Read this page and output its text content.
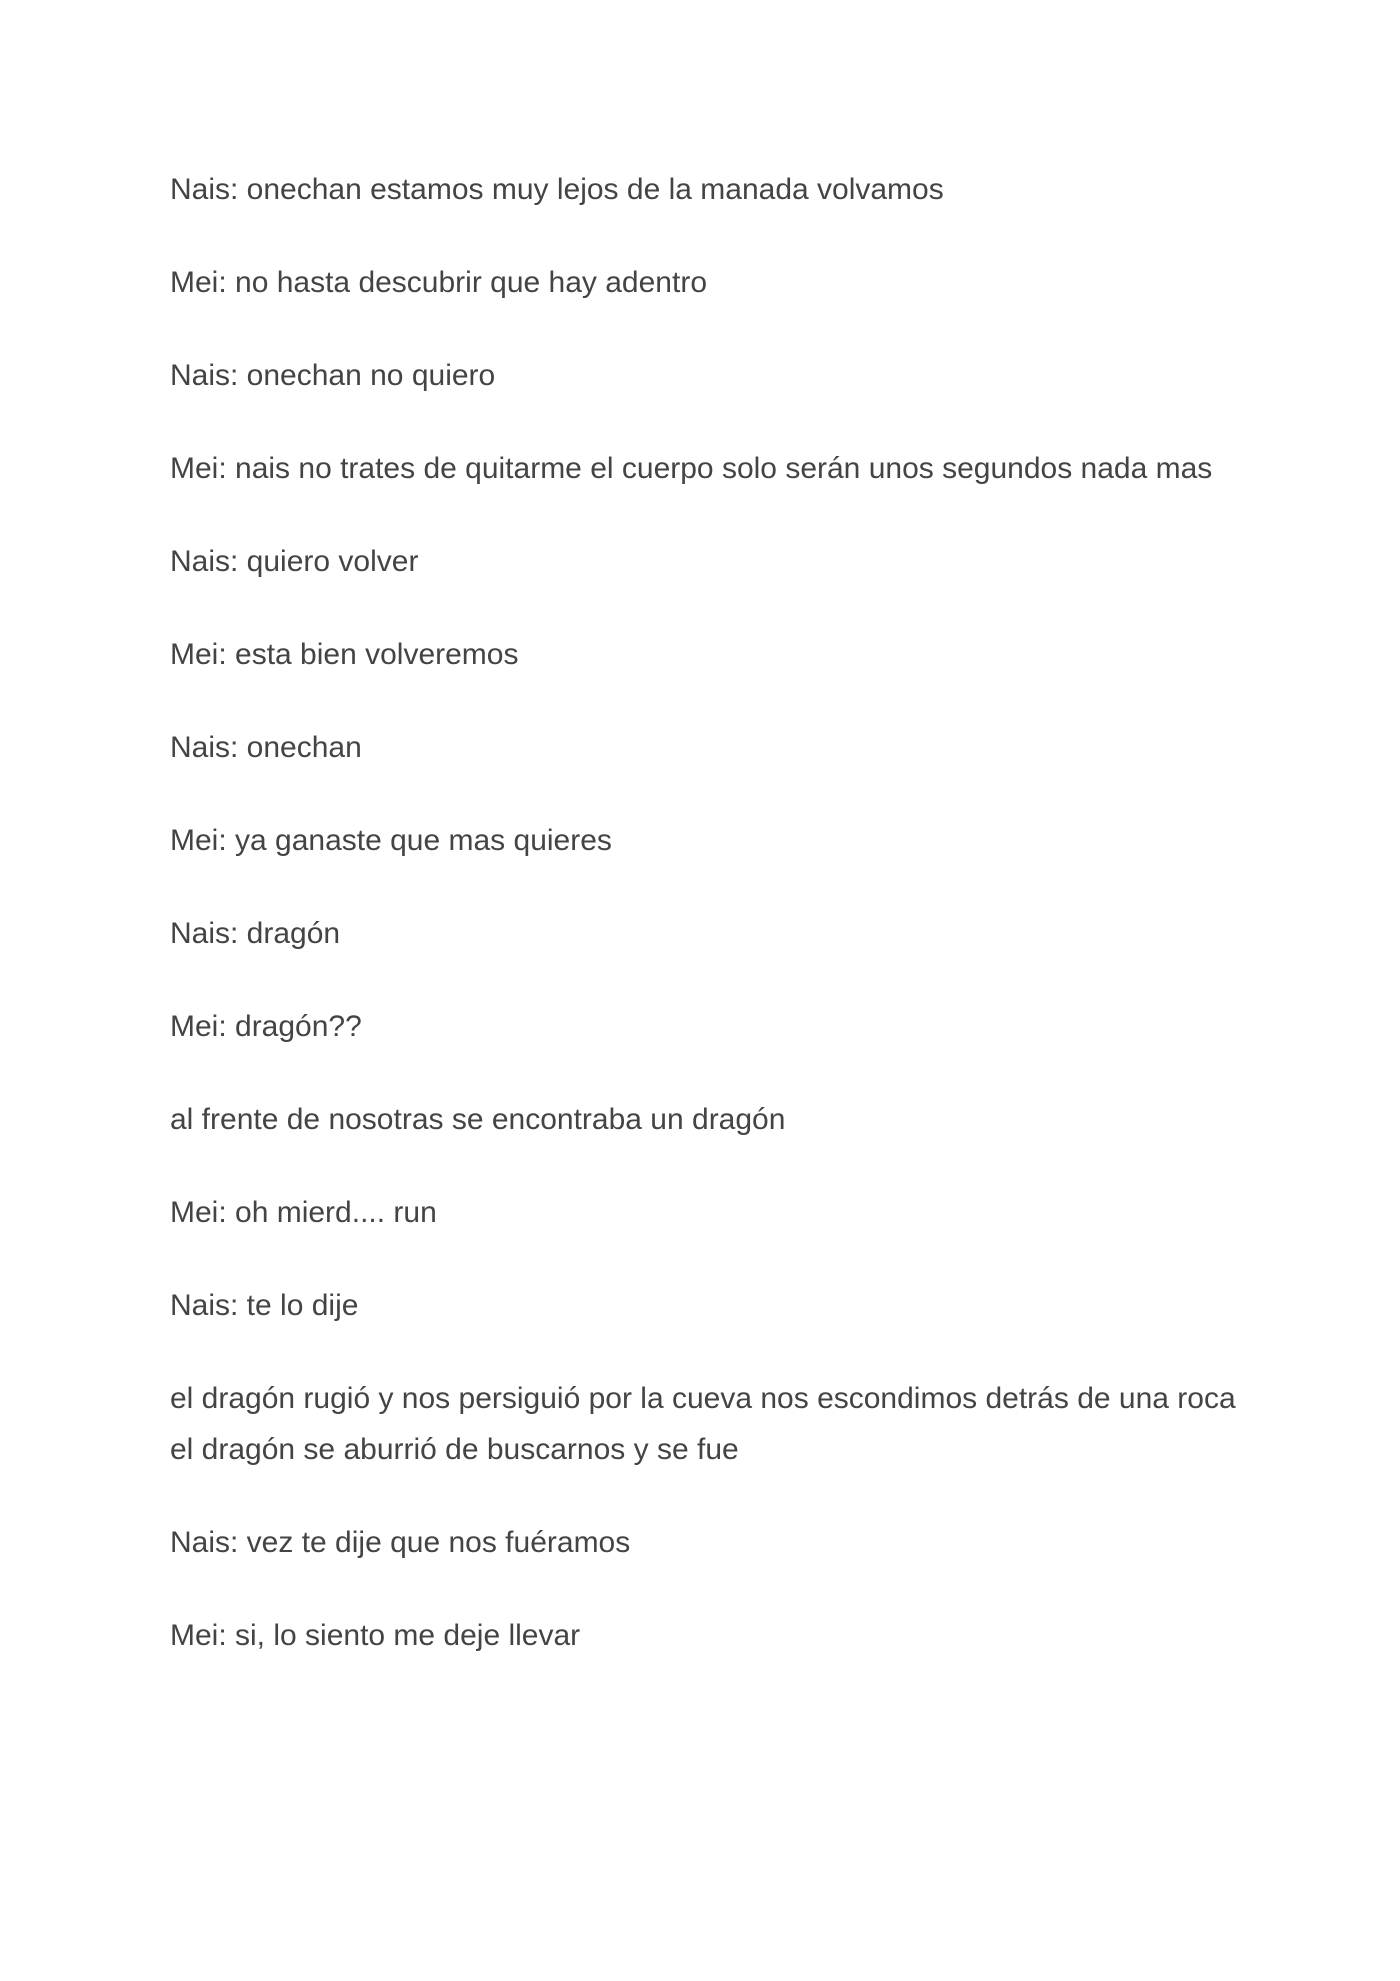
Nais: onechan estamos muy lejos de la manada volvamos

Mei: no hasta descubrir que hay adentro

Nais: onechan no quiero

Mei: nais no trates de quitarme el cuerpo solo serán unos segundos nada mas

Nais: quiero volver

Mei: esta bien volveremos

Nais: onechan

Mei: ya ganaste que mas quieres

Nais: dragón

Mei: dragón??

al frente de nosotras se encontraba un dragón

Mei: oh mierd.... run

Nais: te lo dije

el dragón rugió y nos persiguió por la cueva nos escondimos detrás de una roca el dragón se aburrió de buscarnos y se fue

Nais: vez te dije que nos fuéramos

Mei: si, lo siento me deje llevar
